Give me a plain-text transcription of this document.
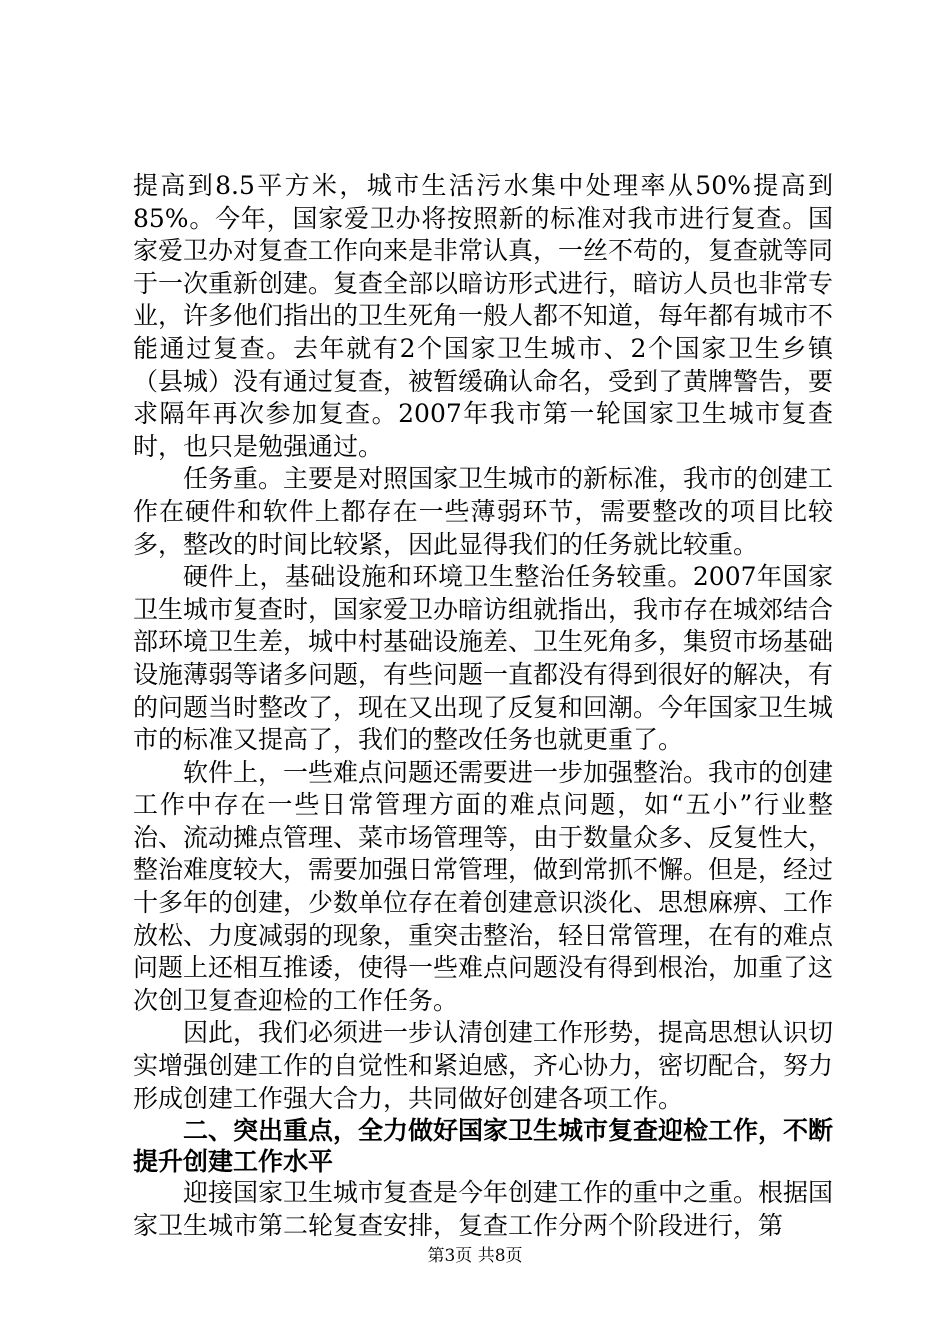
提高到8.5平方米，城市生活污水集中处理率从50%提高到85%。今年，国家爱卫办将按照新的标准对我市进行复查。国家爱卫办对复查工作向来是非常认真，一丝不苟的，复查就等同于一次重新创建。复查全部以暗访形式进行，暗访人员也非常专业，许多他们指出的卫生死角一般人都不知道，每年都有城市不能通过复查。去年就有2个国家卫生城市、2个国家卫生乡镇（县城）没有通过复查，被暂缓确认命名，受到了黄牌警告，要求隔年再次参加复查。2007年我市第一轮国家卫生城市复查时，也只是勉强通过。

任务重。主要是对照国家卫生城市的新标准，我市的创建工作在硬件和软件上都存在一些薄弱环节，需要整改的项目比较多，整改的时间比较紧，因此显得我们的任务就比较重。

硬件上，基础设施和环境卫生整治任务较重。2007年国家卫生城市复查时，国家爱卫办暗访组就指出，我市存在城郊结合部环境卫生差，城中村基础设施差、卫生死角多，集贸市场基础设施薄弱等诸多问题，有些问题一直都没有得到很好的解决，有的问题当时整改了，现在又出现了反复和回潮。今年国家卫生城市的标准又提高了，我们的整改任务也就更重了。

软件上，一些难点问题还需要进一步加强整治。我市的创建工作中存在一些日常管理方面的难点问题，如“五小”行业整治、流动摊点管理、菜市场管理等，由于数量众多、反复性大，整治难度较大，需要加强日常管理，做到常抓不懈。但是，经过十多年的创建，少数单位存在着创建意识淡化、思想麻痹、工作放松、力度减弱的现象，重突击整治，轻日常管理，在有的难点问题上还相互推诿，使得一些难点问题没有得到根治，加重了这次创卫复查迎检的工作任务。

因此，我们必须进一步认清创建工作形势，提高思想认识切实增强创建工作的自觉性和紧迫感，齐心协力，密切配合，努力形成创建工作强大合力，共同做好创建各项工作。

二、突出重点，全力做好国家卫生城市复查迎检工作，不断提升创建工作水平

迎接国家卫生城市复查是今年创建工作的重中之重。根据国家卫生城市第二轮复查安排，复查工作分两个阶段进行，第

第3页 共8页
